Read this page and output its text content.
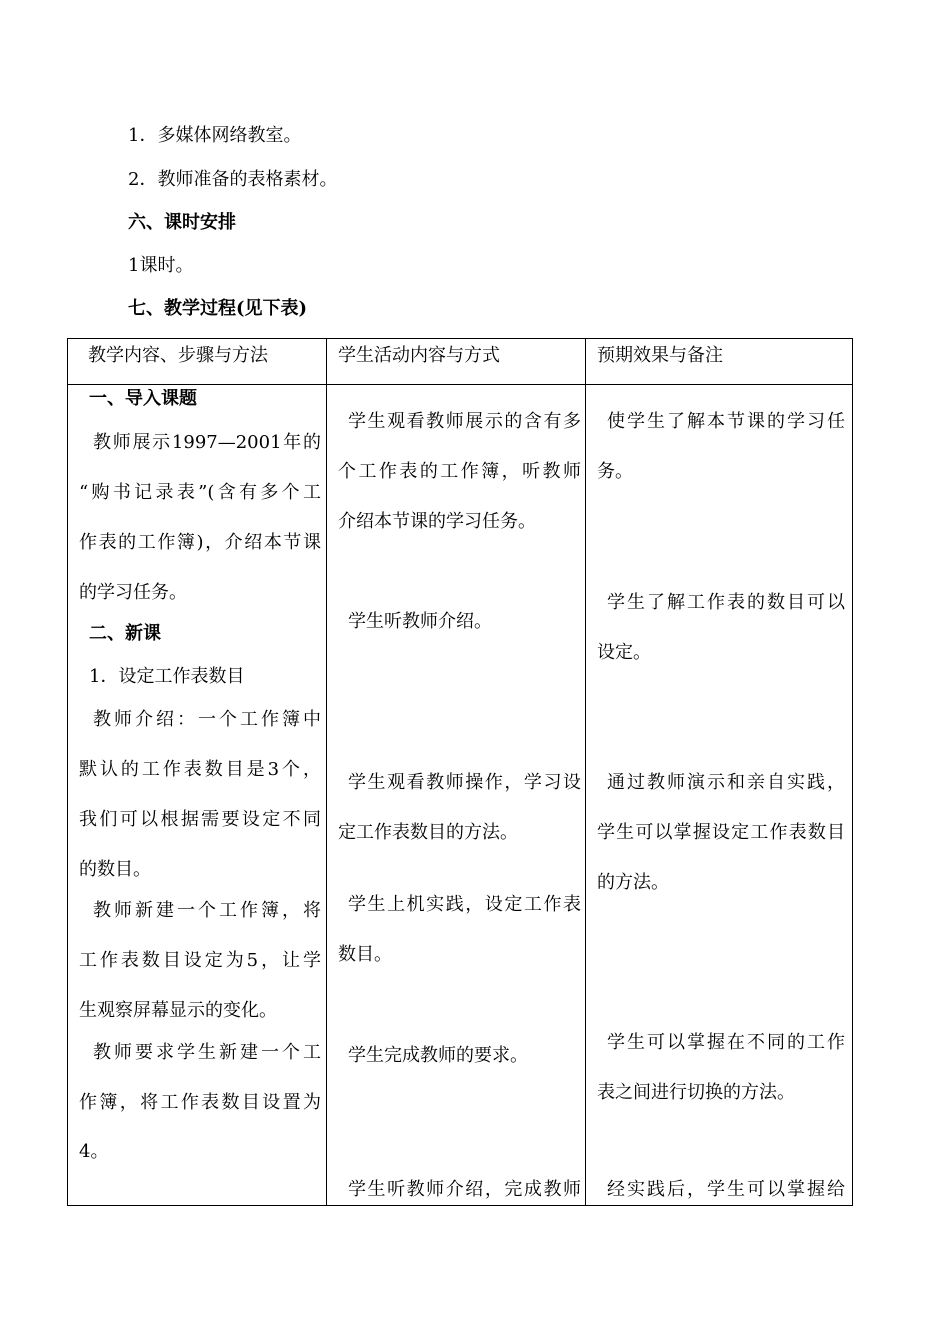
1．多媒体网络教室。
2．教师准备的表格素材。
六、课时安排
1课时。
七、教学过程(见下表)
教学内容、步骤与方法	学生活动内容与方式	预期效果与备注
一、导入课题
教师展示1997—2001年的
“购书记录表”(含有多个工
作表的工作簿)，介绍本节课
的学习任务。
二、新课
1．设定工作表数目
教师介绍：一个工作簿中
默认的工作表数目是3个，
我们可以根据需要设定不同
的数目。
教师新建一个工作簿，将
工作表数目设定为5，让学
生观察屏幕显示的变化。
教师要求学生新建一个工
作簿，将工作表数目设置为
4。
学生观看教师展示的含有多
个工作表的工作簿，听教师
介绍本节课的学习任务。
学生听教师介绍。
学生观看教师操作，学习设
定工作表数目的方法。
学生上机实践，设定工作表
数目。
学生完成教师的要求。
学生听教师介绍，完成教师
使学生了解本节课的学习任
务。
学生了解工作表的数目可以
设定。
通过教师演示和亲自实践，
学生可以掌握设定工作表数目
的方法。
学生可以掌握在不同的工作
表之间进行切换的方法。
经实践后，学生可以掌握给
